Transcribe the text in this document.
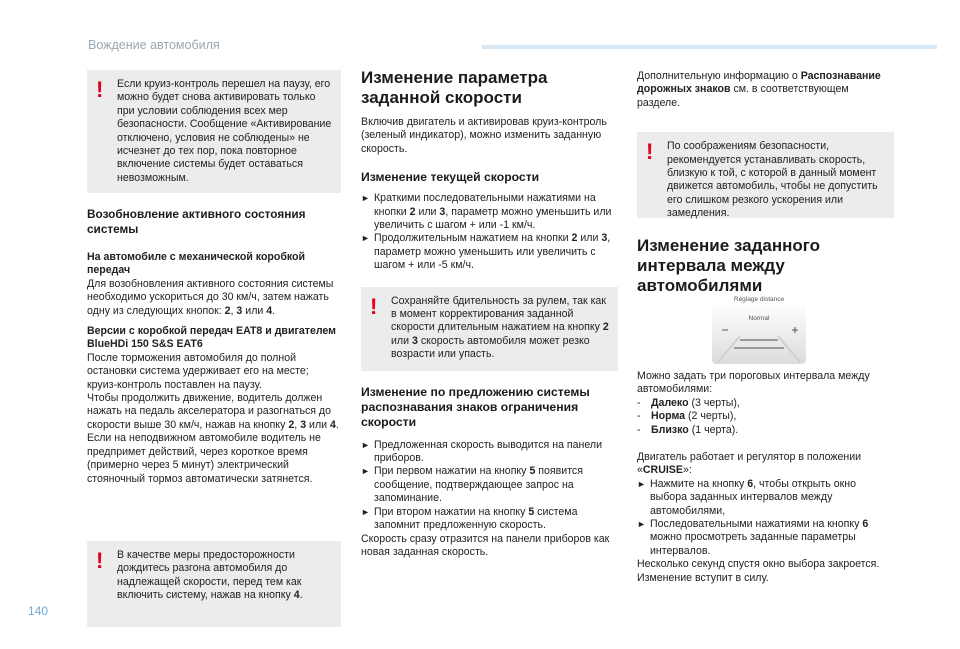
Вождение автомобиля
! Если круиз-контроль перешел на паузу, его можно будет снова активировать только при условии соблюдения всех мер безопасности. Сообщение «Активирование отключено, условия не соблюдены» не исчезнет до тех пор, пока повторное включение системы будет оставаться невозможным.

Возобновление активного состояния системы

На автомобиле с механической коробкой передач

Для возобновления активного состояния системы необходимо ускориться до 30 км/ч, затем нажать одну из следующих кнопок: 2, 3 или 4.

Версии с коробкой передач EAT8 и двигателем BlueHDi 150 S&S EAT6

После торможения автомобиля до полной остановки система удерживает его на месте; круиз-контроль поставлен на паузу.

Чтобы продолжить движение, водитель должен нажать на педаль акселератора и разогнаться до скорости выше 30 км/ч, нажав на кнопку 2, 3 или 4.

Если на неподвижном автомобиле водитель не предпримет действий, через короткое время (примерно через 5 минут) электрический стояночный тормоз автоматически затянется.

! В качестве меры предосторожности дождитесь разгона автомобиля до надлежащей скорости, перед тем как включить систему, нажав на кнопку 4.

Изменение параметра заданной скорости

Включив двигатель и активировав круиз-контроль (зеленый индикатор), можно изменить заданную скорость.

Изменение текущей скорости

► Краткими последовательными нажатиями на кнопки 2 или 3, параметр можно уменьшить или увеличить с шагом + или -1 км/ч.

► Продолжительным нажатием на кнопки 2 или 3, параметр можно уменьшить или увеличить с шагом + или -5 км/ч.

! Сохраняйте бдительность за рулем, так как в момент корректирования заданной скорости длительным нажатием на кнопку 2 или 3 скорость автомобиля может резко возрасти или упасть.

Изменение по предложению системы распознавания знаков ограничения скорости

► Предложенная скорость выводится на панели приборов.

► При первом нажатии на кнопку 5 появится сообщение, подтверждающее запрос на запоминание.

► При втором нажатии на кнопку 5 система запомнит предложенную скорость.

Скорость сразу отразится на панели приборов как новая заданная скорость.

Дополнительную информацию о Распознавание дорожных знаков см. в соответствующем разделе.

! По соображениям безопасности, рекомендуется устанавливать скорость, близкую к той, с которой в данный момент движется автомобиль, чтобы не допустить его слишком резкого ускорения или замедления.

Изменение заданного интервала между автомобилями

Réglage distance
Normal

Можно задать три пороговых интервала между автомобилями:

- Далеко (3 черты),

- Норма (2 черты),

- Близко (1 черта).

Двигатель работает и регулятор в положении «CRUISE»:

► Нажмите на кнопку 6, чтобы открыть окно выбора заданных интервалов между автомобилями,

► Последовательными нажатиями на кнопку 6 можно просмотреть заданные параметры интервалов.

Несколько секунд спустя окно выбора закроется. Изменение вступит в силу.

140
